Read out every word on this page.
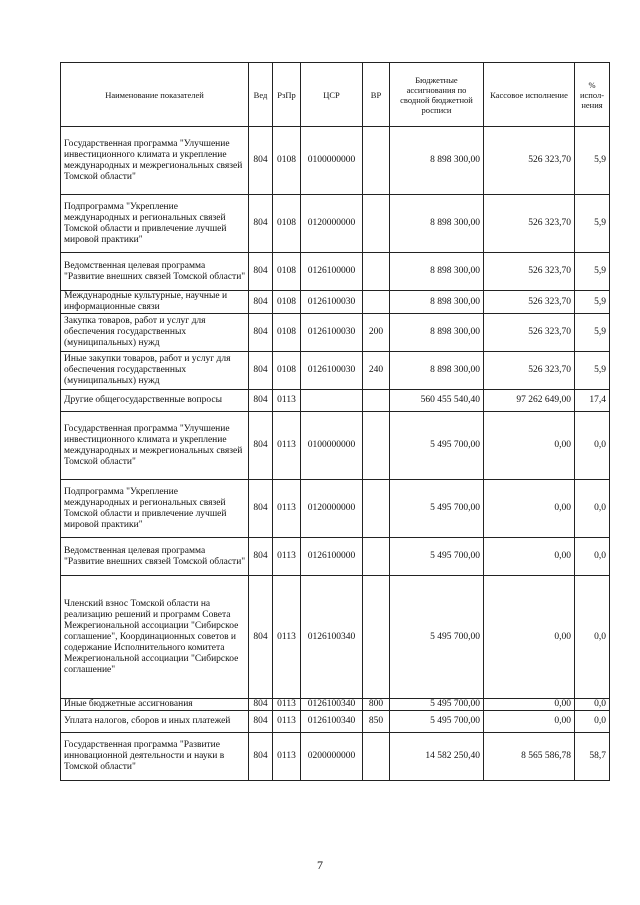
Наименование показателей	Вед	РзПр	ЦСР	ВР	Бюджетные ассигнования по сводной бюджетной росписи	Кассовое исполнение	% испол- нения
Государственная программа "Улучшение инвестиционного климата и укрепление международных и межрегиональных связей Томской области"	804	0108	0100000000		8 898 300,00	526 323,70	5,9
Подпрограмма "Укрепление международных и региональных связей Томской области и привлечение лучшей мировой практики"	804	0108	0120000000		8 898 300,00	526 323,70	5,9
Ведомственная целевая программа "Развитие внешних связей Томской области"	804	0108	0126100000		8 898 300,00	526 323,70	5,9
Международные культурные, научные и информационные связи	804	0108	0126100030		8 898 300,00	526 323,70	5,9
Закупка товаров, работ и услуг для обеспечения государственных (муниципальных) нужд	804	0108	0126100030	200	8 898 300,00	526 323,70	5,9
Иные закупки товаров, работ и услуг для обеспечения государственных (муниципальных) нужд	804	0108	0126100030	240	8 898 300,00	526 323,70	5,9
Другие общегосударственные вопросы	804	0113			560 455 540,40	97 262 649,00	17,4
Государственная программа "Улучшение инвестиционного климата и укрепление международных и межрегиональных связей Томской области"	804	0113	0100000000		5 495 700,00	0,00	0,0
Подпрограмма "Укрепление международных и региональных связей Томской области и привлечение лучшей мировой практики"	804	0113	0120000000		5 495 700,00	0,00	0,0
Ведомственная целевая программа "Развитие внешних связей Томской области"	804	0113	0126100000		5 495 700,00	0,00	0,0
Членский взнос Томской области на реализацию решений и программ Совета Межрегиональной ассоциации "Сибирское соглашение", Координационных советов и содержание Исполнительного комитета Межрегиональной ассоциации "Сибирское соглашение"	804	0113	0126100340		5 495 700,00	0,00	0,0
Иные бюджетные ассигнования	804	0113	0126100340	800	5 495 700,00	0,00	0,0
Уплата налогов, сборов и иных платежей	804	0113	0126100340	850	5 495 700,00	0,00	0,0
Государственная программа "Развитие инновационной деятельности и науки в Томской области"	804	0113	0200000000		14 582 250,40	8 565 586,78	58,7
7
